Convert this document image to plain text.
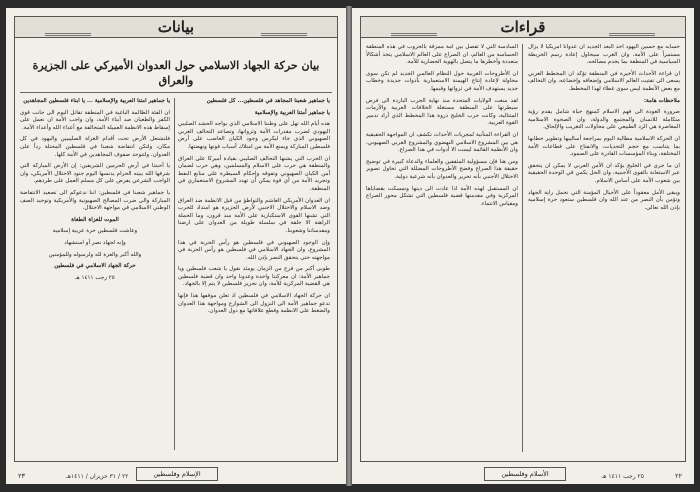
بيانات
بيان حركة الجهاد الاسلامي حول العدوان الأميركي على الجزيرة والعراق

يا جماهير شعبنا المجاهد في فلسطين... كل فلسطين

يا جماهير أمتنا العربية والإسلامية

هذه أيام الله تهل على وطننا الاسلامي الذي يواجه الحشد الصليبي اليهودي لضرب مقدرات الأمة وثرواتها، وتصاعد التحالف الغربي الصهيوني الذي جاء ليكرس وجود الكيان الغاصب على أرض فلسطين المباركة ويمنع الأمة من امتلاك أسباب قوتها ونهضتها.

ان الحرب التي يشنها التحالف الصليبي بقيادة أميركا على العراق والمنطقة هي حرب على الاسلام والمسلمين، وهي حرب لضمان أمن الكيان الصهيوني وتفوقه وإحكام السيطرة على منابع النفط وتجريد الأمة من أي قوة يمكن أن تهدد المشروع الاستعماري في المنطقة.

ان العدوان الأمريكي الغاشم والتواطؤ من قبل الانظمة ضد العراق وضد الاسلام والاحتلال الاجنبي لأرض الجزيرة هو امتداد للحرب التي تشنها القوى الاستكبارية على الأمة منذ قرون، وما الحملة الراهنة الا حلقة في سلسلة طويلة من العدوان على ارضنا ومقدساتنا وشعوبنا.

وإن الوجود الصهيوني في فلسطين هو رأس الحربة في هذا المشروع، وان الجهاد الاسلامي في فلسطين هو رأس الحربة في مواجهته حتى يتحقق النصر بإذن الله.

طوبى أكبر من فرح من الزمان يومئذ نقول يا شعب فلسطين ويا جماهير الأمة: ان معركتنا واحدة وعدونا واحد وان قضية فلسطين هي القضية المركزية للأمة، وان تحرير فلسطين لا يتم إلا بالجهاد.

ان حركة الجهاد الاسلامي في فلسطين اذ تعلن موقفها هذا فإنها تدعو جماهير الأمة الى النزول الى الشوارع ومواجهة هذا العدوان والضغط على الانظمة وقطع علاقاتها مع دول العدوان.

يا جماهير أمتنا العربية والإسلامية ... يا أبناء فلسطين المجاهدين

ان الفئة الظالمة الباغية في المنطقة تقاتل اليوم الى جانب قوى الكفر والطغيان ضد أبناء الأمة، وان واجب الأمة ان تعمل على إسقاط هذه الانظمة العميلة المتحالفة مع أعداء الله وأعداء الأمة.

فلتشتعل الأرض تحت أقدام الغزاة الصليبيين واليهود في كل مكان، ولتكن انتفاضة شعبنا في فلسطين المحتلة رداً على العدوان، ولتتوحد صفوف المجاهدين في الأمة كلها.

يا أحبتنا في أرض الحرمين الشريفين: إن الأرض المباركة التي شرفها الله ببيته الحرام يدنسها اليوم جنود الاحتلال الأمريكي، وان الواجب الشرعي يفرض على كل مسلم العمل على طردهم.

يا جماهير شعبنا في فلسطين: اننا ندعوكم الى تصعيد الانتفاضة المباركة والى ضرب المصالح الصهيونية والأمريكية وتوحيد الصف الوطني الاسلامي في مواجهة الاحتلال.

الموت للغزاة الطغاة

وعاشت فلسطين حرة عربية إسلامية

وإنه لجهاد نصر أو استشهاد

والله أكبر والعزة لله ولرسوله وللمؤمنين

حركة الجهاد الاسلامي في فلسطين

٢٥ رجب ١٤١١ هـ

٢٣	٢٢ / ٣١ حزيران / ١٤١١هـ	الإسلام وفلسطين
قراءات

السادسة التي لا تفصل بين أمة ممزقة بالحروب في هذه المنطقة الحساسة من العالم، ان الصراع على العالم الاسلامي يتخذ أشكالاً متعددة وأخطرها ما يتصل بالهوية الحضارية للأمة.

ان الأطروحات الغربية حول النظام العالمي الجديد لم تكن سوى محاولة لإعادة إنتاج الهيمنة الاستعمارية بأدوات جديدة وخطاب جديد يستهدف الأمة في ثرواتها وقيمها.

لقد سعت الولايات المتحدة منذ نهاية الحرب الباردة الى فرض سيطرتها على المنطقة مستغلة الخلافات العربية والأزمات المتتالية، وكانت حرب الخليج ذروة هذا المخطط الذي أراد تدمير القوة العربية.

ان القراءة المتأنية لمجريات الأحداث تكشف ان المواجهة الحقيقية هي بين المشروع الاسلامي النهضوي والمشروع الغربي الصهيوني، وان الأنظمة القائمة ليست الا أدوات في هذا الصراع.

ومن هنا فإن مسؤولية المثقفين والعلماء والدعاة كبيرة في توضيح حقيقة هذا الصراع وفضح الأطروحات المضللة التي تحاول تصوير الاحتلال الأجنبي بأنه تحرير والعدوان بأنه شرعية دولية.

ان المستقبل لهذه الأمة اذا عادت الى دينها وتمسكت بقضاياها المركزية وفي مقدمتها قضية فلسطين التي تشكل محور الصراع ومقياس الانتماء.

حسابه مع حسين اليهود أخذ البعد الجديد ان عدواناً أمريكياً لا يزال مستمراً على الأمة، وان الغرب سيحاول إعادة رسم الخريطة السياسية في المنطقة بما يخدم مصالحه.

ان قراءة الأحداث الأخيرة في المنطقة تؤكد ان المخطط الغربي يسعى الى تفتيت العالم الاسلامي وإضعافه وإخضاعه، وان التحالف مع بعض الأنظمة ليس سوى غطاء لهذا المخطط.

ملاحظات هامة:

ضرورة العودة الى فهم الاسلام كمنهج حياة شامل يقدم رؤية متكاملة للانسان والمجتمع والدولة، وان الصحوة الاسلامية المعاصرة هي الرد الطبيعي على محاولات التغريب والإلحاق.

ان الحركة الاسلامية مطالبة اليوم بمراجعة أساليبها وتطوير خطابها بما يتناسب مع حجم التحديات، والانفتاح على قطاعات الأمة المختلفة، وبناء المؤسسات القادرة على الصمود.

ان ما جرى في الخليج يؤكد ان الأمن العربي لا يمكن ان يتحقق عبر الاستعانة بالقوى الأجنبية، وان الحل يكمن في الوحدة الحقيقية بين شعوب الأمة على أساس الاسلام.

ويبقى الأمل معقوداً على الأجيال المؤمنة التي تحمل راية الجهاد وتؤمن بأن النصر من عند الله وان فلسطين ستعود حرة إسلامية بإذن الله تعالى.

٢٢
٢٥ رجب ١٤١١ هـ
الأسلام وفلسطين
